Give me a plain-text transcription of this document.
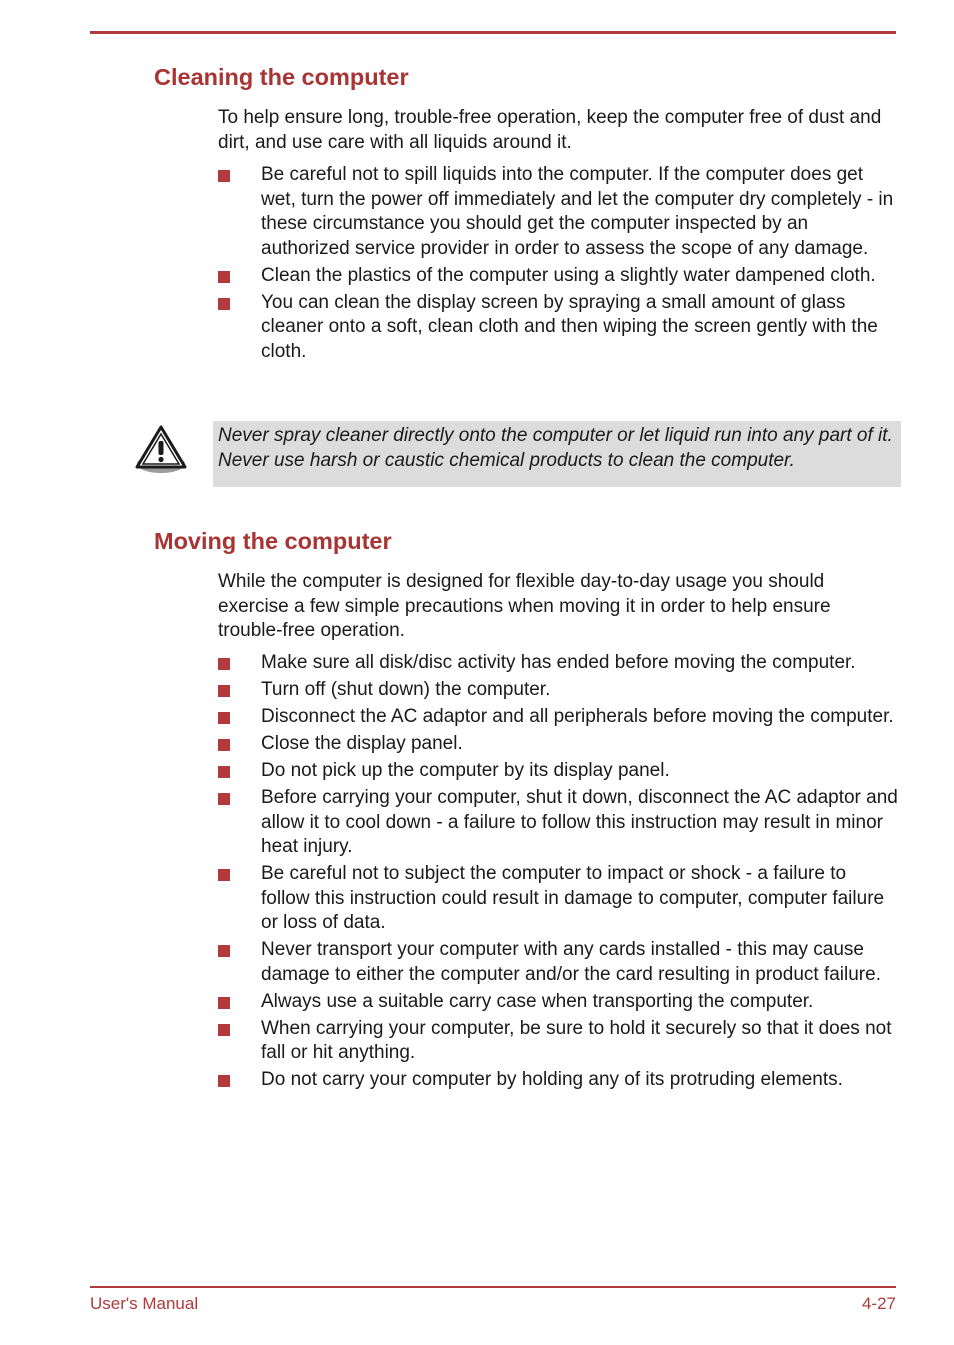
Cleaning the computer

To help ensure long, trouble-free operation, keep the computer free of dust and dirt, and use care with all liquids around it.

Be careful not to spill liquids into the computer. If the computer does get wet, turn the power off immediately and let the computer dry completely - in these circumstance you should get the computer inspected by an authorized service provider in order to assess the scope of any damage.
Clean the plastics of the computer using a slightly water dampened cloth.
You can clean the display screen by spraying a small amount of glass cleaner onto a soft, clean cloth and then wiping the screen gently with the cloth.

Never spray cleaner directly onto the computer or let liquid run into any part of it. Never use harsh or caustic chemical products to clean the computer.

Moving the computer

While the computer is designed for flexible day-to-day usage you should exercise a few simple precautions when moving it in order to help ensure trouble-free operation.

Make sure all disk/disc activity has ended before moving the computer.
Turn off (shut down) the computer.
Disconnect the AC adaptor and all peripherals before moving the computer.
Close the display panel.
Do not pick up the computer by its display panel.
Before carrying your computer, shut it down, disconnect the AC adaptor and allow it to cool down - a failure to follow this instruction may result in minor heat injury.
Be careful not to subject the computer to impact or shock - a failure to follow this instruction could result in damage to computer, computer failure or loss of data.
Never transport your computer with any cards installed - this may cause damage to either the computer and/or the card resulting in product failure.
Always use a suitable carry case when transporting the computer.
When carrying your computer, be sure to hold it securely so that it does not fall or hit anything.
Do not carry your computer by holding any of its protruding elements.
User's Manual	4-27
